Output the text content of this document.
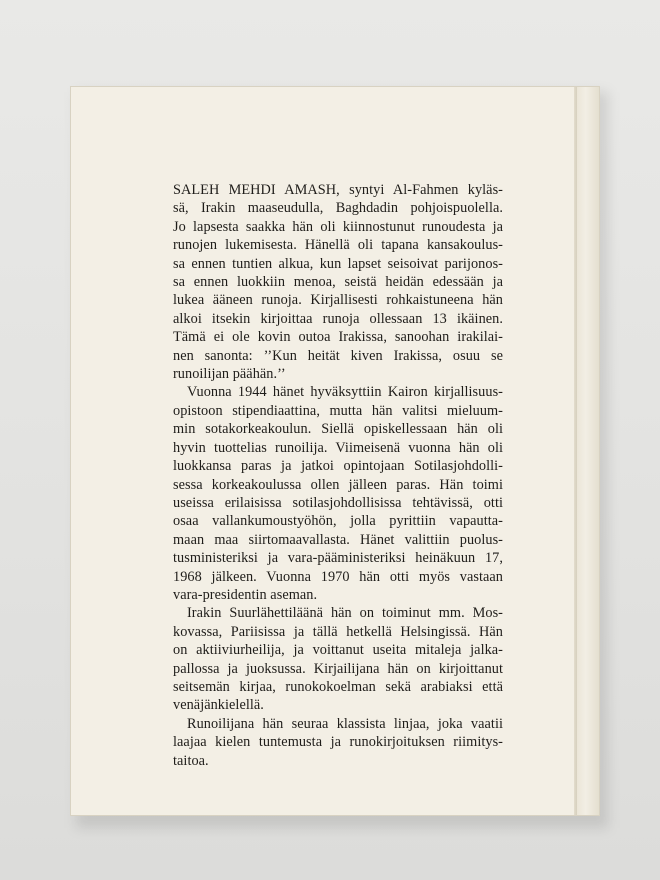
SALEH MEHDI AMASH, syntyi Al-Fahmen kyläs-
sä, Irakin maaseudulla, Baghdadin pohjoispuolella.
Jo lapsesta saakka hän oli kiinnostunut runoudesta ja
runojen lukemisesta. Hänellä oli tapana kansakoulus-
sa ennen tuntien alkua, kun lapset seisoivat parijonos-
sa ennen luokkiin menoa, seistä heidän edessään ja
lukea ääneen runoja. Kirjallisesti rohkaistuneena hän
alkoi itsekin kirjoittaa runoja ollessaan 13 ikäinen.
Tämä ei ole kovin outoa Irakissa, sanoohan irakilai-
nen sanonta: ’’Kun heität kiven Irakissa, osuu se
runoilijan päähän.’’

Vuonna 1944 hänet hyväksyttiin Kairon kirjallisuus-
opistoon stipendiaattina, mutta hän valitsi mieluum-
min sotakorkeakoulun. Siellä opiskellessaan hän oli
hyvin tuottelias runoilija. Viimeisenä vuonna hän oli
luokkansa paras ja jatkoi opintojaan Sotilasjohdolli-
sessa korkeakoulussa ollen jälleen paras. Hän toimi
useissa erilaisissa sotilasjohdollisissa tehtävissä, otti
osaa vallankumoustyöhön, jolla pyrittiin vapautta-
maan maa siirtomaavallasta. Hänet valittiin puolus-
tusministeriksi ja vara-pääministeriksi heinäkuun 17,
1968 jälkeen. Vuonna 1970 hän otti myös vastaan
vara-presidentin aseman.

Irakin Suurlähettiläänä hän on toiminut mm. Mos-
kovassa, Pariisissa ja tällä hetkellä Helsingissä. Hän
on aktiiviurheilija, ja voittanut useita mitaleja jalka-
pallossa ja juoksussa. Kirjailijana hän on kirjoittanut
seitsemän kirjaa, runokokoelman sekä arabiaksi että
venäjänkielellä.

Runoilijana hän seuraa klassista linjaa, joka vaatii
laajaa kielen tuntemusta ja runokirjoituksen riimitys-
taitoa.
